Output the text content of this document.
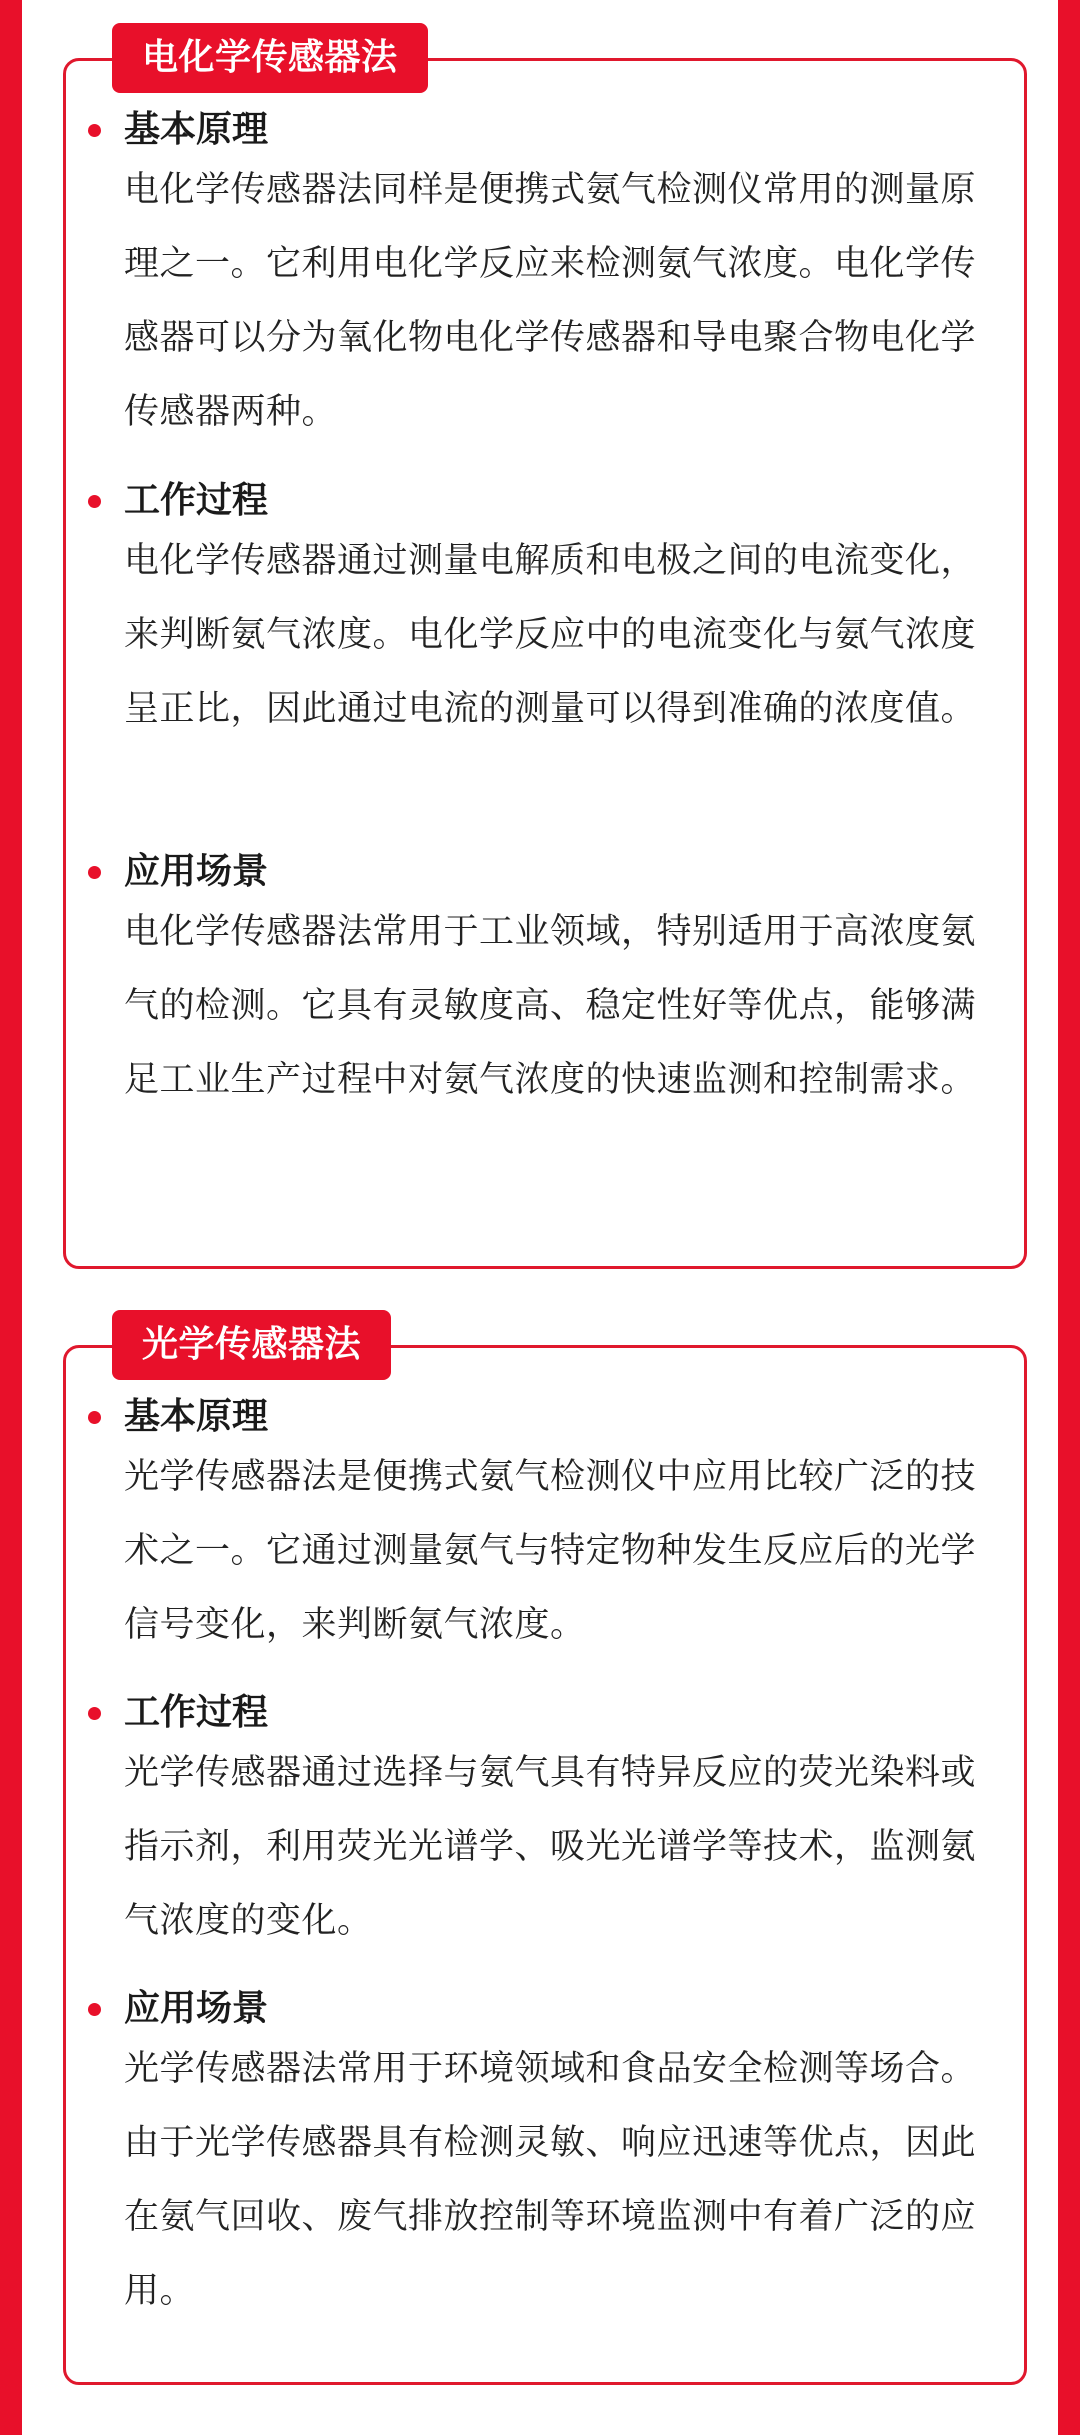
电化学传感器法
基本原理
电化学传感器法同样是便携式氨气检测仪常用的测量原理之一。它利用电化学反应来检测氨气浓度。电化学传感器可以分为氧化物电化学传感器和导电聚合物电化学传感器两种。
工作过程
电化学传感器通过测量电解质和电极之间的电流变化，来判断氨气浓度。电化学反应中的电流变化与氨气浓度呈正比，因此通过电流的测量可以得到准确的浓度值。
应用场景
电化学传感器法常用于工业领域，特别适用于高浓度氨气的检测。它具有灵敏度高、稳定性好等优点，能够满足工业生产过程中对氨气浓度的快速监测和控制需求。
光学传感器法
基本原理
光学传感器法是便携式氨气检测仪中应用比较广泛的技术之一。它通过测量氨气与特定物种发生反应后的光学信号变化，来判断氨气浓度。
工作过程
光学传感器通过选择与氨气具有特异反应的荧光染料或指示剂，利用荧光光谱学、吸光光谱学等技术，监测氨气浓度的变化。
应用场景
光学传感器法常用于环境领域和食品安全检测等场合。由于光学传感器具有检测灵敏、响应迅速等优点，因此在氨气回收、废气排放控制等环境监测中有着广泛的应用。
